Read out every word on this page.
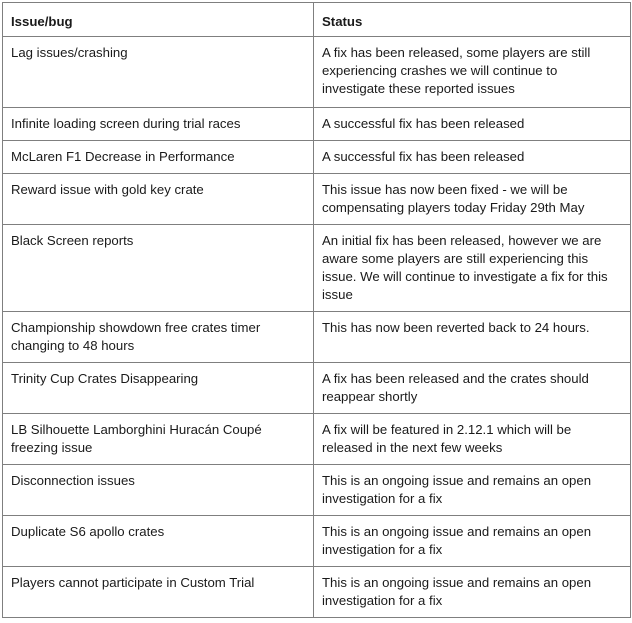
Issue/bug	Status
Lag issues/crashing	A fix has been released, some players are still experiencing crashes we will continue to investigate these reported issues
Infinite loading screen during trial races	A successful fix has been released
McLaren F1 Decrease in Performance	A successful fix has been released
Reward issue with gold key crate	This issue has now been fixed - we will be compensating players today Friday 29th May
Black Screen reports	An initial fix has been released, however we are aware some players are still experiencing this issue. We will continue to investigate a fix for this issue
Championship showdown free crates timer changing to 48 hours	This has now been reverted back to 24 hours.
Trinity Cup Crates Disappearing	A fix has been released and the crates should reappear shortly
LB Silhouette Lamborghini Huracán Coupé freezing issue	A fix will be featured in 2.12.1 which will be released in the next few weeks
Disconnection issues	This is an ongoing issue and remains an open investigation for a fix
Duplicate S6 apollo crates	This is an ongoing issue and remains an open investigation for a fix
Players cannot participate in Custom Trial	This is an ongoing issue and remains an open investigation for a fix
